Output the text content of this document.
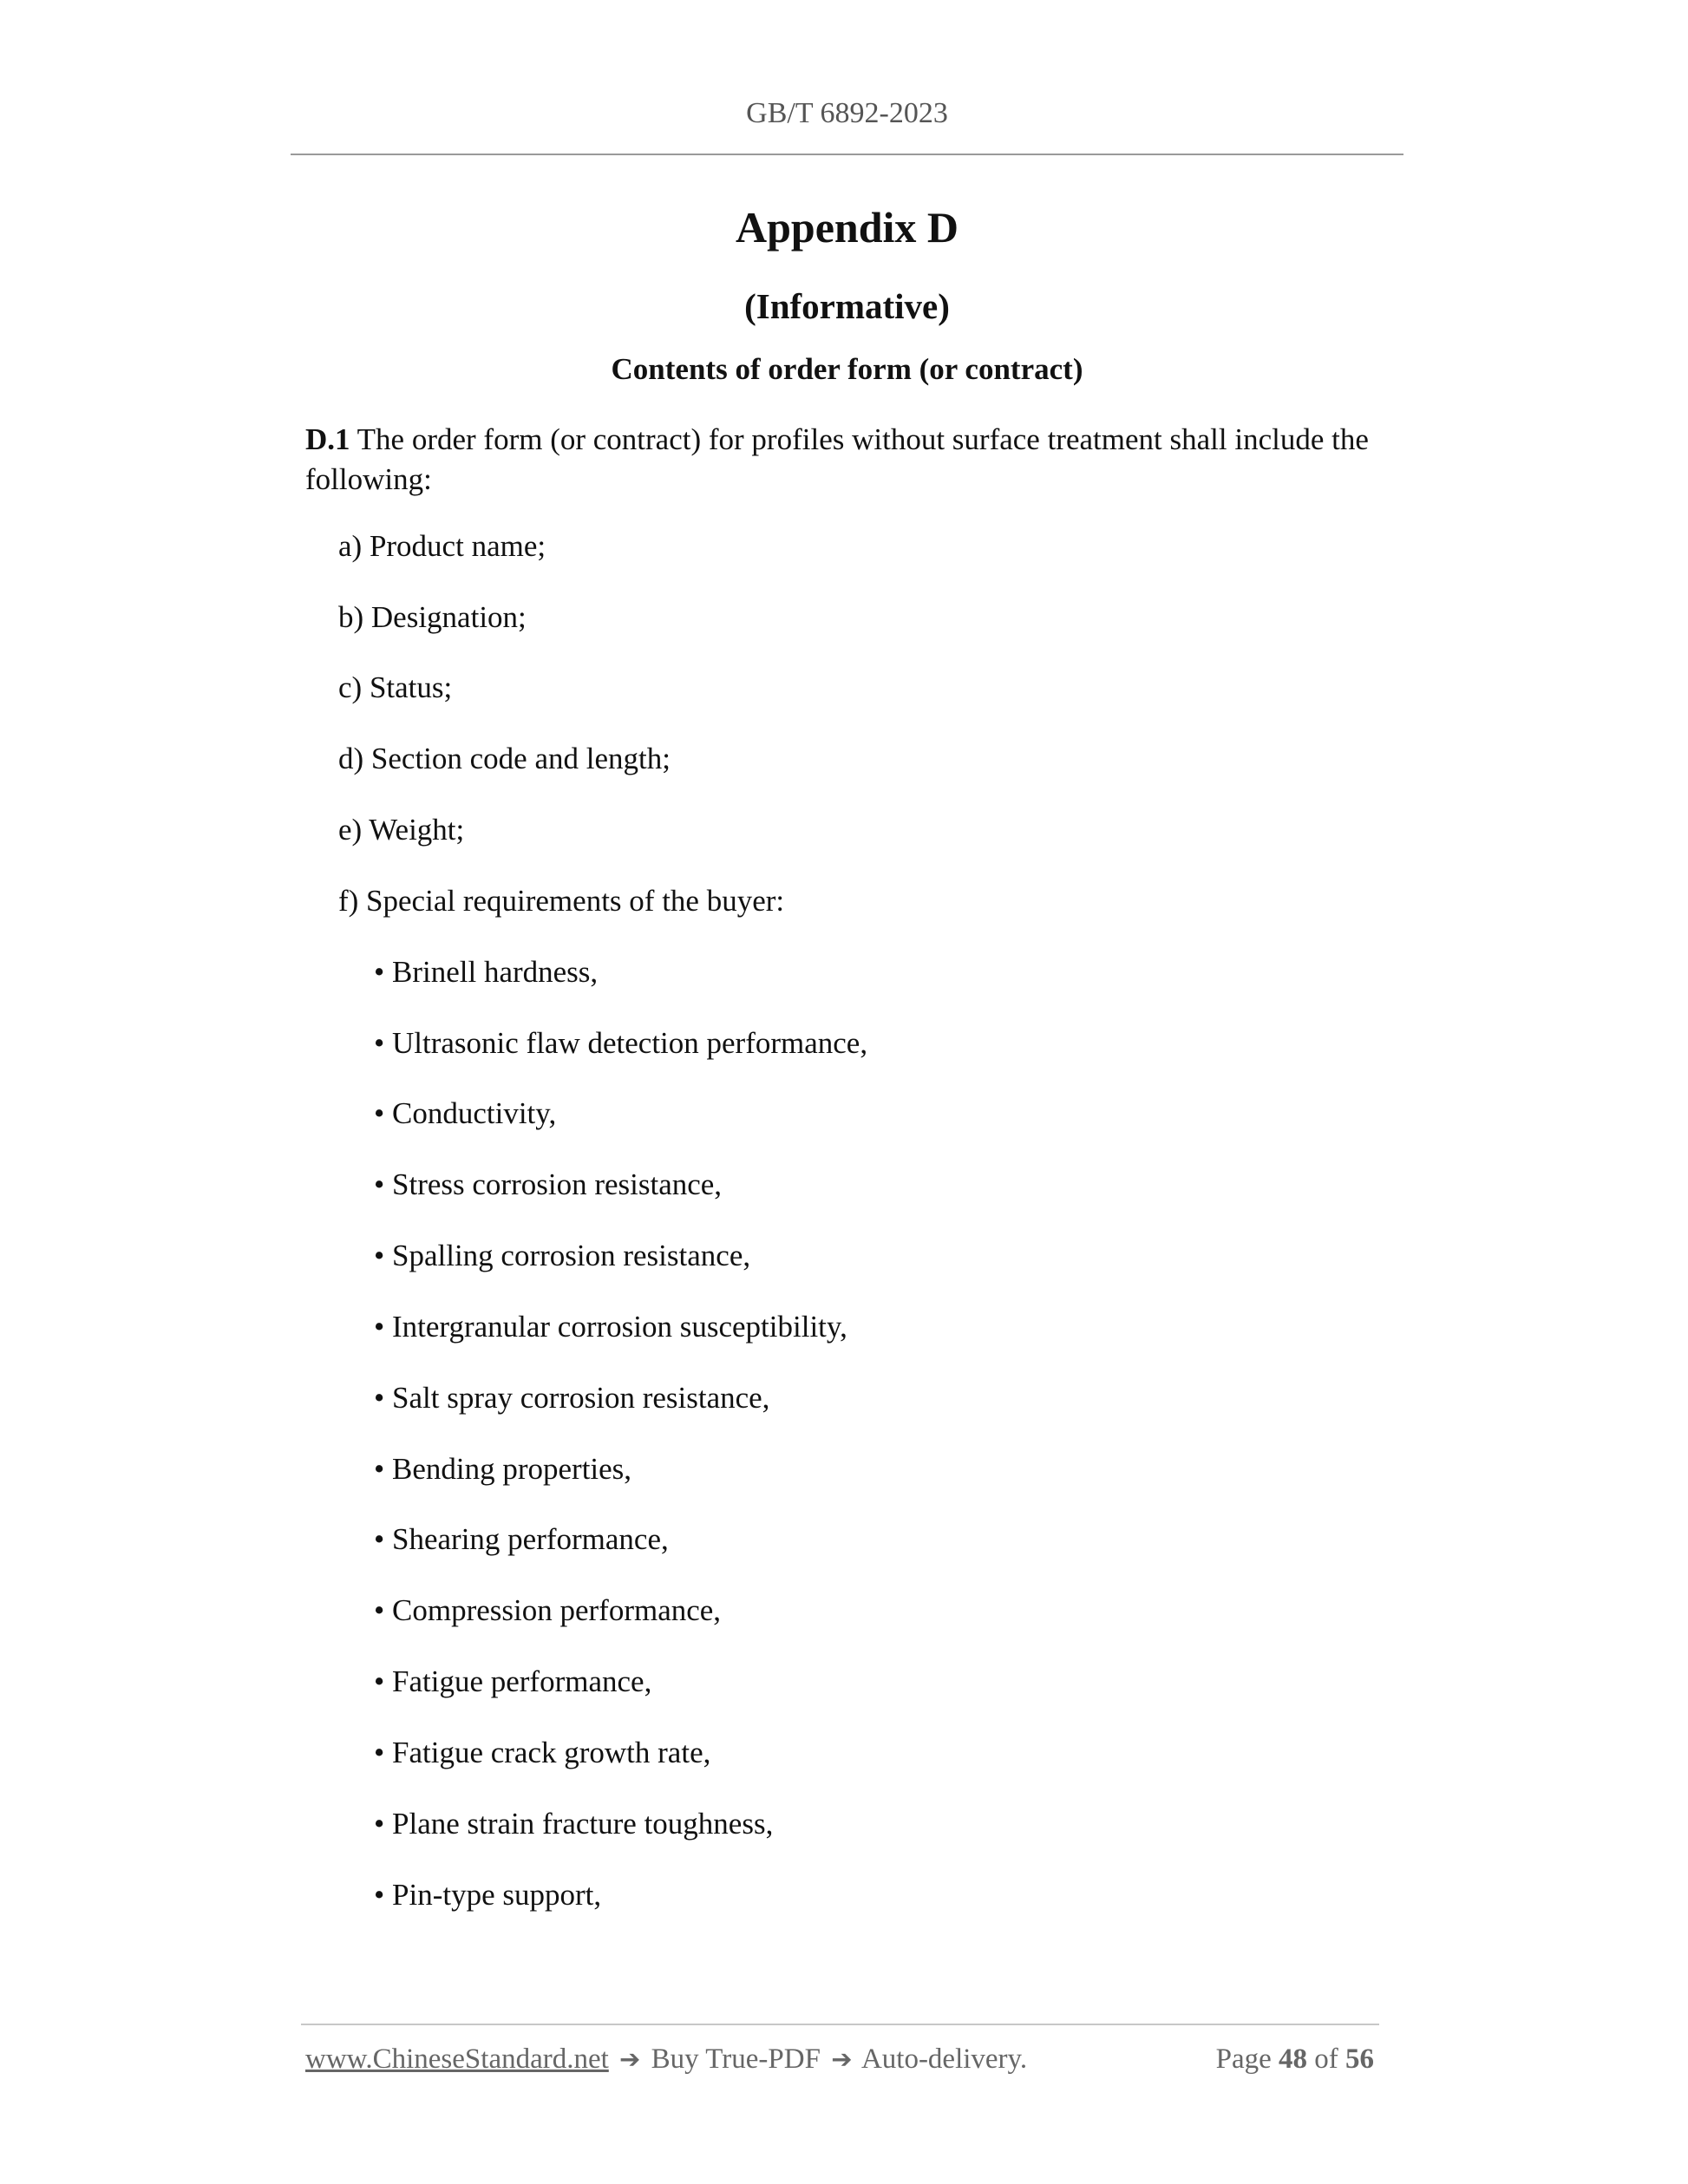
GB/T 6892-2023
Appendix D
(Informative)
Contents of order form (or contract)
D.1 The order form (or contract) for profiles without surface treatment shall include the following:
a) Product name;
b) Designation;
c) Status;
d) Section code and length;
e) Weight;
f) Special requirements of the buyer:
• Brinell hardness,
• Ultrasonic flaw detection performance,
• Conductivity,
• Stress corrosion resistance,
• Spalling corrosion resistance,
• Intergranular corrosion susceptibility,
• Salt spray corrosion resistance,
• Bending properties,
• Shearing performance,
• Compression performance,
• Fatigue performance,
• Fatigue crack growth rate,
• Plane strain fracture toughness,
• Pin-type support,
www.ChineseStandard.net ➔ Buy True-PDF ➔ Auto-delivery.	Page 48 of 56
